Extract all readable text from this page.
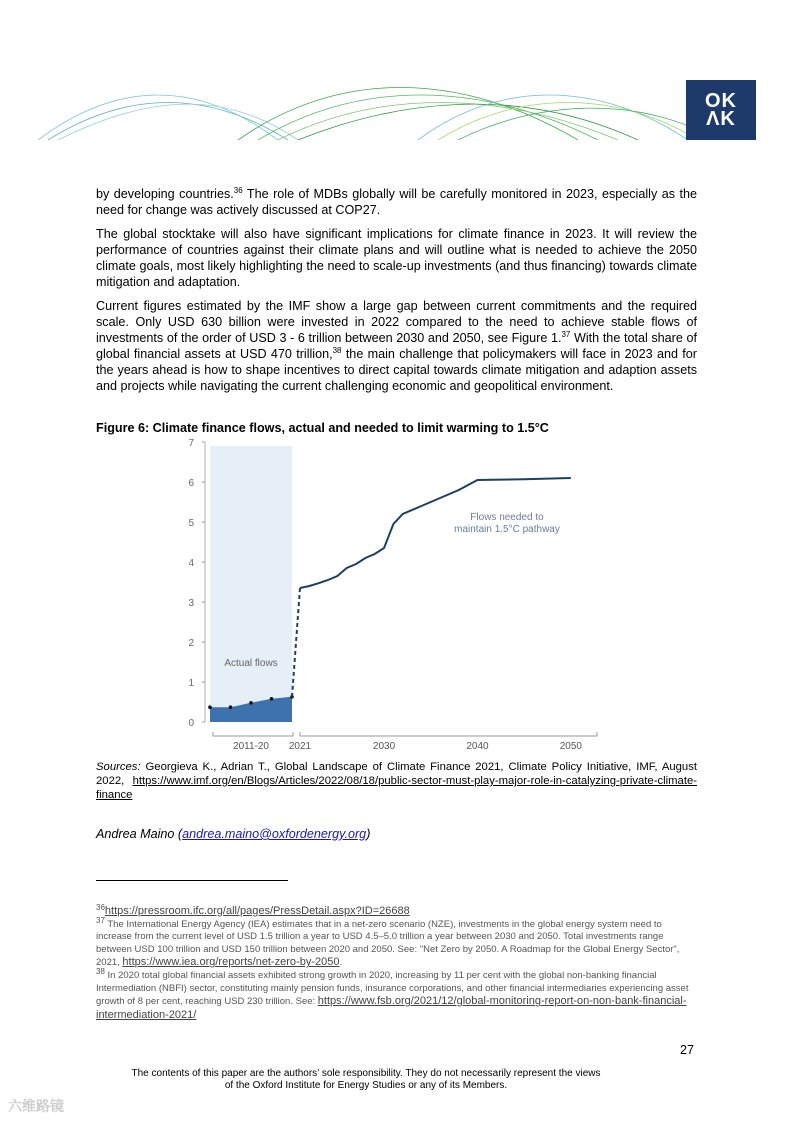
ΟΚ
ΛΚ

by developing countries.$^{36}$ The role of MDBs globally will be carefully monitored in 2023, especially as the need for change was actively discussed at COP27.

The global stocktake will also have significant implications for climate finance in 2023. It will review the performance of countries against their climate plans and will outline what is needed to achieve the 2050 climate goals, most likely highlighting the need to scale-up investments (and thus financing) towards climate mitigation and adaptation.

Current figures estimated by the IMF show a large gap between current commitments and the required scale. Only USD 630 billion were invested in 2022 compared to the need to achieve stable flows of investments of the order of USD 3 - 6 trillion between 2030 and 2050, see Figure 1.37 With the total share of global financial assets at USD 470 trillion,$^{38}$ the main challenge that policymakers will face in 2023 and for the years ahead is how to shape incentives to direct capital towards climate mitigation and adaption assets and projects while navigating the current challenging economic and geopolitical environment.

Figure 6: Climate finance flows, actual and needed to limit warming to 1.5°C
0
1
2
3
4
5
6
7
Actual flows
Flows needed to
maintain 1.5°C pathway
2011-20 2021	2030	2040	2050
Sources: Georgieva K., Adrian T., Global Landscape of Climate Finance 2021, Climate Policy Initiative, IMF, August 2022, https://www.imf.org/en/Blogs/Articles/2022/08/18/public-sector-must-play-major-role-in-catalyzing-private-climate-finance
Andrea Maino (andrea.maino@oxfordenergy.org)
$^{36}$https://pressroom.ifc.org/all/pages/PressDetail.aspx?ID=26688
$^{37}$ The International Energy Agency (IEA) estimates that in a net-zero scenario (NZE), investments in the global energy system need to increase from the current level of USD 1.5 trillion a year to USD 4.5–5.0 trillion a year between 2030 and 2050. Total investments range between USD 100 trillion and USD 150 trillion between 2020 and 2050. See: "Net Zero by 2050. A Roadmap for the Global Energy Sector", 2021, https://www.iea.org/reports/net-zero-by-2050.
$^{38}$ In 2020 total global financial assets exhibited strong growth in 2020, increasing by 11 per cent with the global non-banking financial Intermediation (NBFI) sector, constituting mainly pension funds, insurance corporations, and other financial intermediaries experiencing asset growth of 8 per cent, reaching USD 230 trillion. See: https://www.fsb.org/2021/12/global-monitoring-report-on-non-bank-financial-intermediation-2021/
27
The contents of this paper are the authors’ sole responsibility. They do not necessarily represent the views
of the Oxford Institute for Energy Studies or any of its Members.
六维路镜
